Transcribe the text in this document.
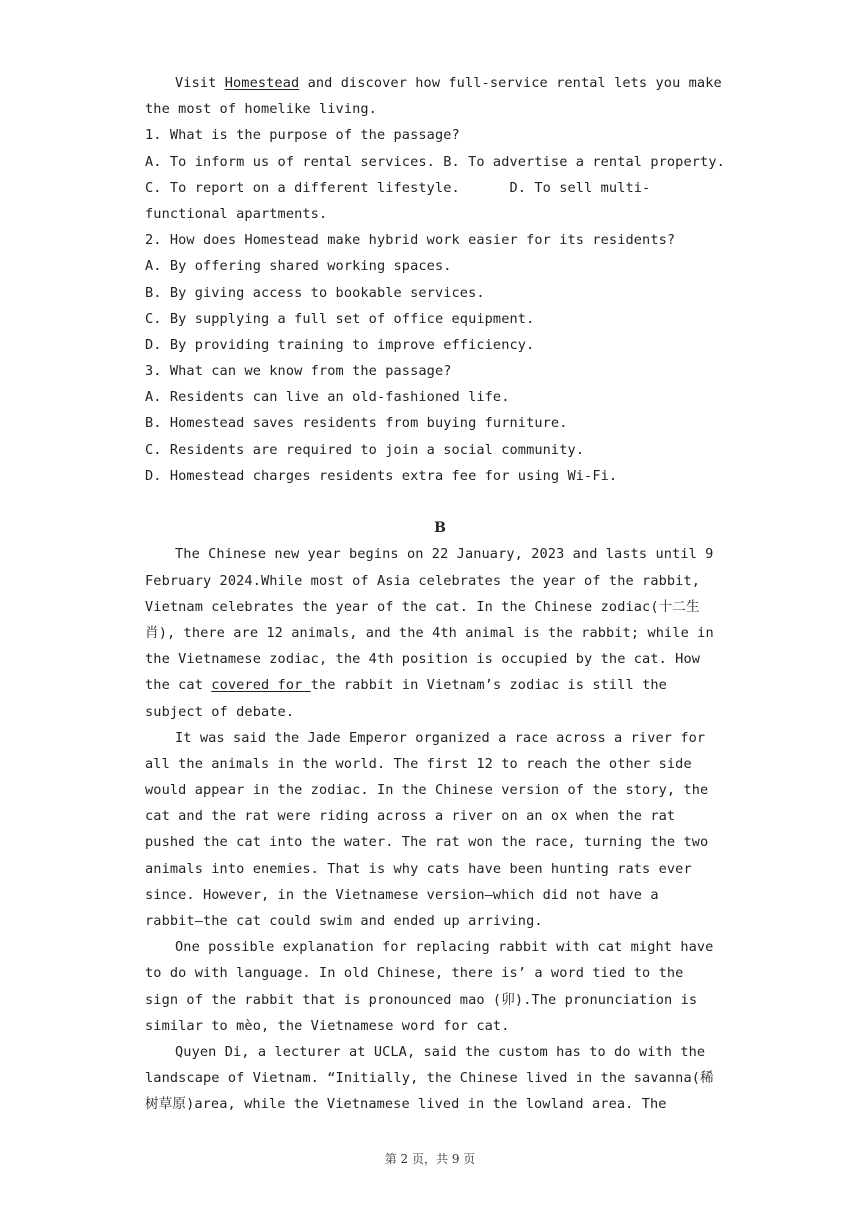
Visit Homestead and discover how full-service rental lets you make
the most of homelike living.
1. What is the purpose of the passage?
A. To inform us of rental services. B. To advertise a rental property.
C. To report on a different lifestyle.      D. To sell multi-
functional apartments.
2. How does Homestead make hybrid work easier for its residents?
A. By offering shared working spaces.
B. By giving access to bookable services.
C. By supplying a full set of office equipment.
D. By providing training to improve efficiency.
3. What can we know from the passage?
A. Residents can live an old-fashioned life.
B. Homestead saves residents from buying furniture.
C. Residents are required to join a social community.
D. Homestead charges residents extra fee for using Wi-Fi.
B
The Chinese new year begins on 22 January, 2023 and lasts until 9
February 2024.While most of Asia celebrates the year of the rabbit,
Vietnam celebrates the year of the cat. In the Chinese zodiac(十二生
肖), there are 12 animals, and the 4th animal is the rabbit; while in
the Vietnamese zodiac, the 4th position is occupied by the cat. How
the cat covered for the rabbit in Vietnam’s zodiac is still the
subject of debate.
It was said the Jade Emperor organized a race across a river for
all the animals in the world. The first 12 to reach the other side
would appear in the zodiac. In the Chinese version of the story, the
cat and the rat were riding across a river on an ox when the rat
pushed the cat into the water. The rat won the race, turning the two
animals into enemies. That is why cats have been hunting rats ever
since. However, in the Vietnamese version—which did not have a
rabbit—the cat could swim and ended up arriving.
One possible explanation for replacing rabbit with cat might have
to do with language. In old Chinese, there is’ a word tied to the
sign of the rabbit that is pronounced mao (卯).The pronunciation is
similar to mèo, the Vietnamese word for cat.
Quyen Di, a lecturer at UCLA, said the custom has to do with the
landscape of Vietnam. “Initially, the Chinese lived in the savanna(稀
树草原)area, while the Vietnamese lived in the lowland area. The
第 2 页，共 9 页
